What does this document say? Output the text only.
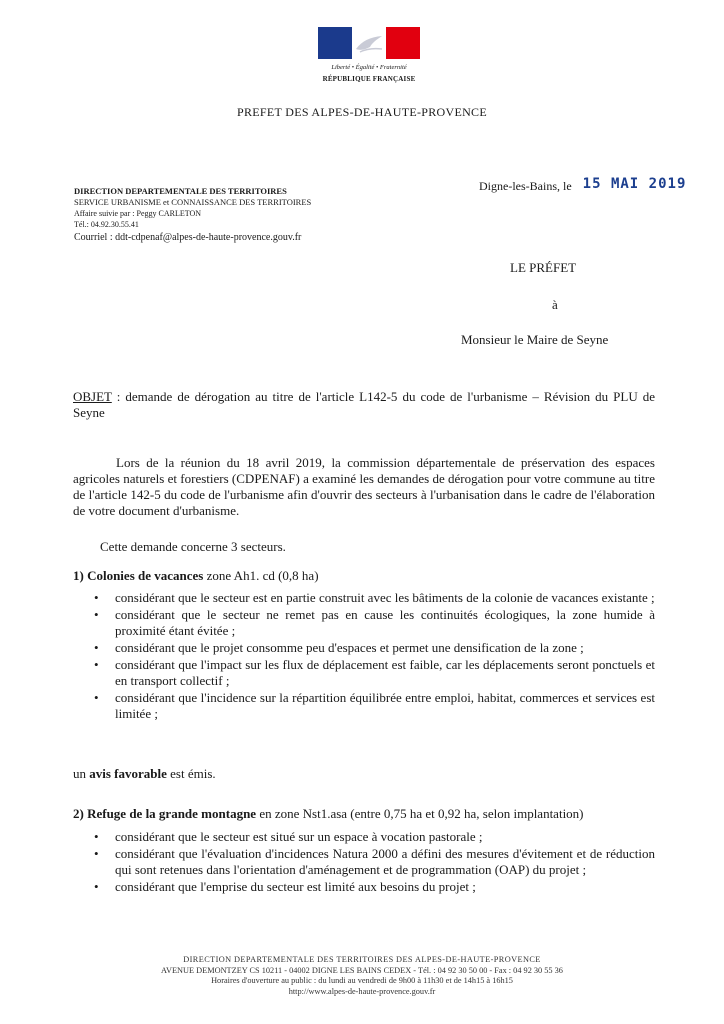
Liberté • Égalité • Fraternité
RÉPUBLIQUE FRANÇAISE
PREFET DES ALPES-DE-HAUTE-PROVENCE
DIRECTION DEPARTEMENTALE DES TERRITOIRES
SERVICE URBANISME et CONNAISSANCE DES TERRITOIRES
Affaire suivie par : Peggy CARLETON
Tél.: 04.92.30.55.41
Courriel : ddt-cdpenaf@alpes-de-haute-provence.gouv.fr
Digne-les-Bains, le 15 MAI 2019
LE PRÉFET
à
Monsieur le Maire de Seyne
OBJET : demande de dérogation au titre de l'article L142-5 du code de l'urbanisme – Révision du PLU de Seyne
Lors de la réunion du 18 avril 2019, la commission départementale de préservation des espaces agricoles naturels et forestiers (CDPENAF) a examiné les demandes de dérogation pour votre commune au titre de l'article 142-5 du code de l'urbanisme afin d'ouvrir des secteurs à l'urbanisation dans le cadre de l'élaboration de votre document d'urbanisme.
Cette demande concerne 3 secteurs.
1) Colonies de vacances zone Ah1. cd (0,8 ha)
• considérant que le secteur est en partie construit avec les bâtiments de la colonie de vacances existante ;
• considérant que le secteur ne remet pas en cause les continuités écologiques, la zone humide à proximité étant évitée ;
• considérant que le projet consomme peu d'espaces et permet une densification de la zone ;
• considérant que l'impact sur les flux de déplacement est faible, car les déplacements seront ponctuels et en transport collectif ;
• considérant que l'incidence sur la répartition équilibrée entre emploi, habitat, commerces et services est limitée ;
un avis favorable est émis.
2) Refuge de la grande montagne en zone Nst1.asa (entre 0,75 ha et 0,92 ha, selon implantation)
• considérant que le secteur est situé sur un espace à vocation pastorale ;
• considérant que l'évaluation d'incidences Natura 2000 a défini des mesures d'évitement et de réduction qui sont retenues dans l'orientation d'aménagement et de programmation (OAP) du projet ;
• considérant que l'emprise du secteur est limité aux besoins du projet ;
DIRECTION DEPARTEMENTALE DES TERRITOIRES DES ALPES-DE-HAUTE-PROVENCE
AVENUE DEMONTZEY CS 10211 - 04002 DIGNE LES BAINS CEDEX - Tél. : 04 92 30 50 00 - Fax : 04 92 30 55 36
Horaires d'ouverture au public : du lundi au vendredi de 9h00 à 11h30 et de 14h15 à 16h15
http://www.alpes-de-haute-provence.gouv.fr
